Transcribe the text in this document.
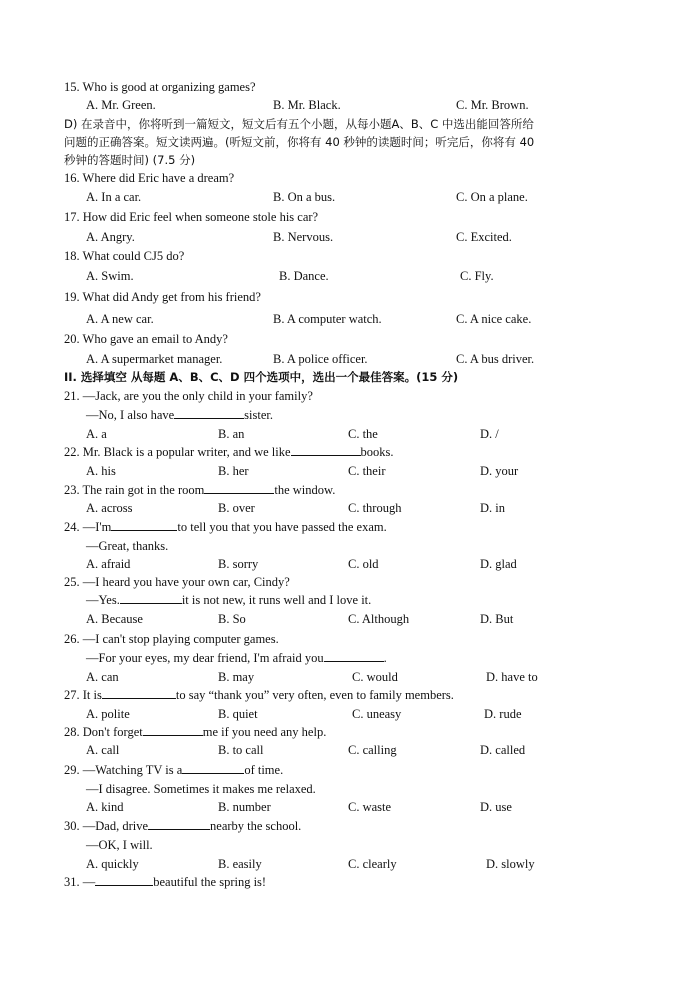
15. Who is good at organizing games?
A. Mr. Green.	B. Mr. Black.	C. Mr. Brown.
D) 在录音中，你将听到一篇短文，短文后有五个小题，从每小题A、B、C 中选出能回答所给
问题的正确答案。短文读两遍。(听短文前，你将有 40 秒钟的读题时间；听完后，你将有 40
秒钟的答题时间) (7.5 分)
16. Where did Eric have a dream?
A. In a car.	B. On a bus.	C. On a plane.
17. How did Eric feel when someone stole his car?
A. Angry.	B. Nervous.	C. Excited.
18. What could CJ5 do?
A. Swim.	B. Dance.	C. Fly.
19. What did Andy get from his friend?
A. A new car.	B. A computer watch.	C. A nice cake.
20. Who gave an email to Andy?
A. A supermarket manager.	B. A police officer.	C. A bus driver.
II. 选择填空 从每题 A、B、C、D 四个选项中，选出一个最佳答案。(15 分)
21. —Jack, are you the only child in your family?
—No, I also have	sister.
A. a	B. an	C. the	D. /
22. Mr. Black is a popular writer, and we like	books.
A. his	B. her	C. their	D. your
23. The rain got in the room	the window.
A. across	B. over	C. through	D. in
24. —I'm	to tell you that you have passed the exam.
—Great, thanks.
A. afraid	B. sorry	C. old	D. glad
25. —I heard you have your own car, Cindy?
—Yes.	it is not new, it runs well and I love it.
A. Because	B. So	C. Although	D. But
26. —I can't stop playing computer games.
—For your eyes, my dear friend, I'm afraid you	.
A. can	B. may	C. would	D. have to
27. It is	to say “thank you” very often, even to family members.
A. polite	B. quiet	C. uneasy	D. rude
28. Don't forget	me if you need any help.
A. call	B. to call	C. calling	D. called
29. —Watching TV is a	of time.
—I disagree. Sometimes it makes me relaxed.
A. kind	B. number	C. waste	D. use
30. —Dad, drive	nearby the school.
—OK, I will.
A. quickly	B. easily	C. clearly	D. slowly
31. —	beautiful the spring is!
